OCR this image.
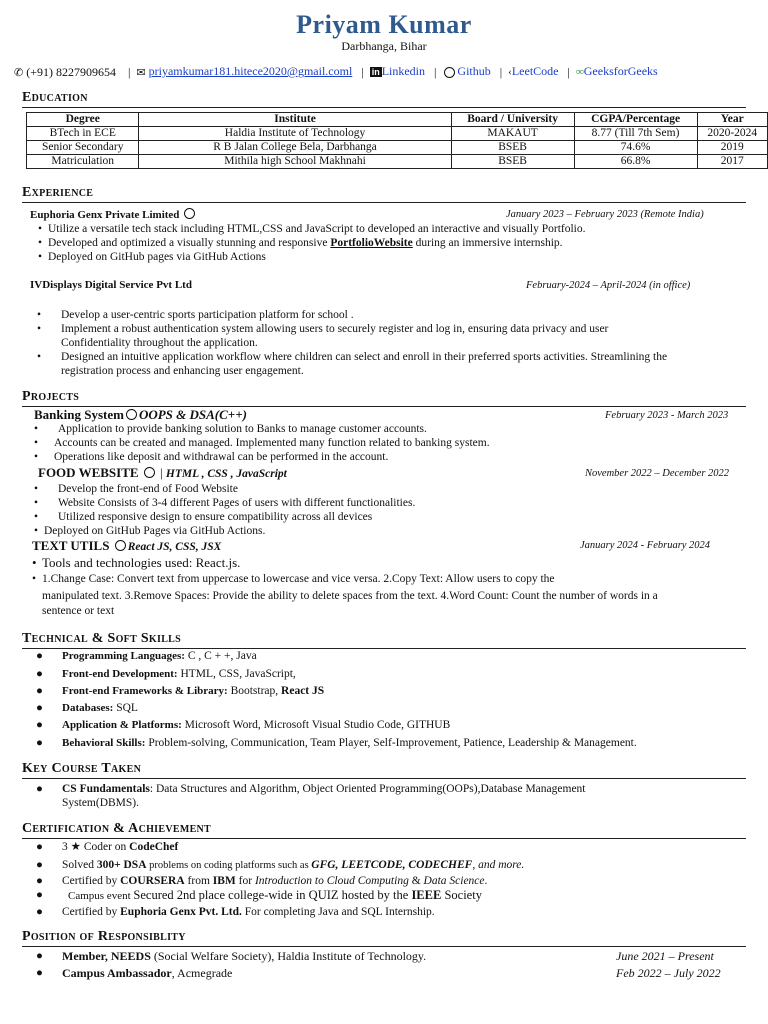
Priyam Kumar
Darbhanga, Bihar
✆ (+91) 8227909654   | ✉ priyamkumar181.hitece2020@gmail.coml  | in Linkedin  | Github  | ‹LeetCode  | ∞GeeksforGeeks
Education
Degree	Institute	Board / University	CGPA/Percentage	Year
BTech in ECE	Haldia Institute of Technology	MAKAUT	8.77 (Till 7th Sem)	2020-2024
Senior Secondary	R B Jalan College Bela, Darbhanga	BSEB	74.6%	2019
Matriculation	Mithila high School Makhnahi	BSEB	66.8%	2017
Experience
Euphoria Genx Private Limited	January 2023 – February 2023 (Remote India)
• Utilize a versatile tech stack including HTML,CSS and JavaScript to developed an interactive and visually Portfolio.
• Developed and optimized a visually stunning and responsive PortfolioWebsite during an immersive internship.
• Deployed on GitHub pages via GitHub Actions
IVDisplays Digital Service Pvt Ltd	February-2024 – April-2024 (in office)
• Develop a user-centric sports participation platform for school .
• Implement a robust authentication system allowing users to securely register and log in, ensuring data privacy and user
Confidentiality throughout the application.
• Designed an intuitive application workflow where children can select and enroll in their preferred sports activities. Streamlining the
registration process and enhancing user engagement.
Projects
Banking System OOPS & DSA(C++)	February 2023 - March 2023
• Application to provide banking solution to Banks to manage customer accounts.
• Accounts can be created and managed. Implemented many function related to banking system.
• Operations like deposit and withdrawal can be performed in the account.
FOOD WEBSITE  | HTML , CSS , JavaScript	November 2022 – December 2022
• Develop the front-end of Food Website
• Website Consists of 3-4 different Pages of users with different functionalities.
• Utilized responsive design to ensure compatibility across all devices
• Deployed on GitHub Pages via GitHub Actions.
TEXT UTILS React JS, CSS, JSX	January 2024 - February 2024
• Tools and technologies used: React.js.
• 1.Change Case: Convert text from uppercase to lowercase and vice versa. 2.Copy Text: Allow users to copy the
manipulated text. 3.Remove Spaces: Provide the ability to delete spaces from the text. 4.Word Count: Count the number of words in a
sentence or text
Technical & Soft Skills
● Programming Languages: C , C + +, Java
● Front-end Development: HTML, CSS, JavaScript,
● Front-end Frameworks & Library: Bootstrap, React JS
● Databases: SQL
● Application & Platforms: Microsoft Word, Microsoft Visual Studio Code, GITHUB
● Behavioral Skills: Problem-solving, Communication, Team Player, Self-Improvement, Patience, Leadership & Management.
Key Course Taken
● CS Fundamentals: Data Structures and Algorithm, Object Oriented Programming(OOPs),Database Management
System(DBMS).
Certification & Achievement
● 3 ★ Coder on CodeChef
● Solved 300+ DSA problems on coding platforms such as GFG, LEETCODE, CODECHEF, and more.
● Certified by COURSERA from IBM for Introduction to Cloud Computing & Data Science.
● Campus event Secured 2nd place college-wide in QUIZ hosted by the IEEE Society
● Certified by Euphoria Genx Pvt. Ltd. For completing Java and SQL Internship.
Position of Responsiblity
● Member, NEEDS (Social Welfare Society), Haldia Institute of Technology.	June 2021 – Present
● Campus Ambassador, Acmegrade	Feb 2022 – July 2022
